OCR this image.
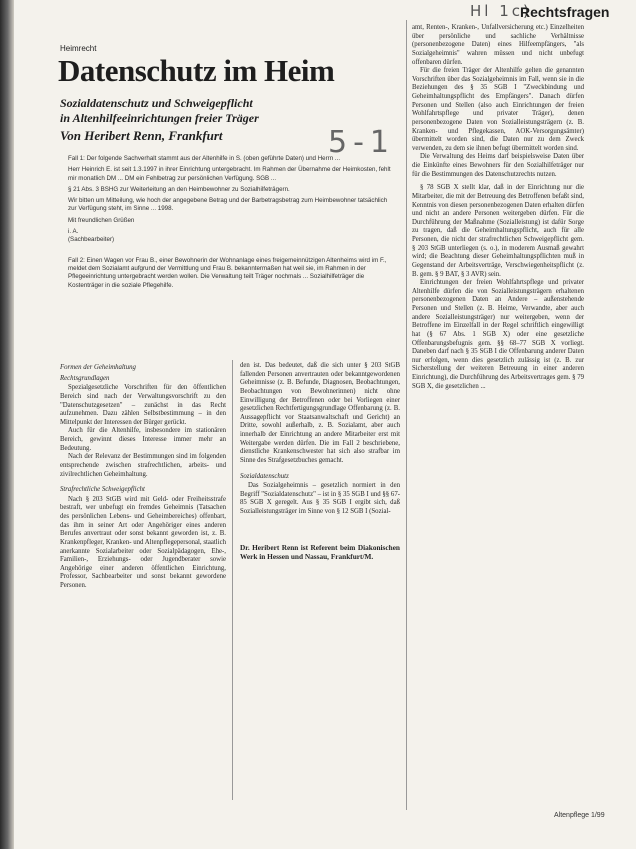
Hl 1c)
Rechtsfragen
Heimrecht
Datenschutz im Heim
Sozialdatenschutz und Schweigepflicht
in Altenhilfeeinrichtungen freier Träger
Von Heribert Renn, Frankfurt	5-1

Fall 1: Der folgende Sachverhalt stammt aus der Altenhilfe in S. (oben geführte Daten) und Herrn ...

Herr Heinrich E. ist seit 1.3.1997 in ihrer Einrichtung untergebracht. Im Rahmen der Übernahme der Heimkosten, fehlt mir monatlich DM ... DM ein Fehlbetrag zur persönlichen Verfügung. SGB ...

§ 21 Abs. 3 BSHG zur Weiterleitung an den Heimbewohner zu Sozialhilfeträgern.

Wir bitten um Mitteilung, wie hoch der angegebene Betrag und der Barbetragsbetrag zum Heimbewohner tatsächlich zur Verfügung steht, im Sinne ... 1998.

Mit freundlichen Grüßen

i. A.

(Sachbearbeiter)

Fall 2: Einen Wagen vor Frau B., einer Bewohnerin der Wohnanlage eines freigemeinnützigen Altenheims wird im F., meldet dem Sozialamt aufgrund der Vermittlung und Frau B. bekanntermaßen hat weil sie, im Rahmen in der Pflegeeinrichtung untergebracht werden wollen. Die Verwaltung teilt Träger nochmals ... Sozialhilfeträger die Kostenträger in die soziale Pflegehilfe.

Formen der Geheimhaltung
Rechtsgrundlagen

Spezialgesetzliche Vorschriften für den öffentlichen Bereich sind nach der Verwaltungsvorschrift zu den "Datenschutzgesetzen" – zunächst in das Recht aufzunehmen. Dazu zählen Selbstbestimmung – in den Mittelpunkt der Interessen der Bürger gerückt.

Auch für die Altenhilfe, insbesondere im stationären Bereich, gewinnt dieses Interesse immer mehr an Bedeutung.

Nach der Relevanz der Bestimmungen sind im folgenden entsprechende zwischen strafrechtlichen, arbeits- und zivilrechtlichen Geheimhaltung.

Strafrechtliche Schweigepflicht

Nach § 203 StGB wird mit Geld- oder Freiheitsstrafe bestraft, wer unbefugt ein fremdes Geheimnis (Tatsachen des persönlichen Lebens- und Geheimbereiches) offenbart, das ihm in seiner Art oder Angehöriger eines anderen Berufes anvertraut oder sonst bekannt geworden ist, z. B. Krankenpfleger, Kranken- und Altenpflegepersonal, staatlich anerkannte Sozialarbeiter oder Sozialpädagogen, Ehe-, Familien-, Erziehungs- oder Jugendberater sowie Angehörige einer anderen öffentlichen Einrichtung, Professor, Sachbearbeiter und sonst bekannt gewordene Personen.

den ist. Das bedeutet, daß die sich unter § 203 StGB fallenden Personen anvertrauten oder bekanntgewordenen Geheimnisse (z. B. Befunde, Diagnosen, Beobachtungen, Beobachtungen von Bewohnerinnen) nicht ohne Einwilligung der Betroffenen oder bei Vorliegen einer gesetzlichen Rechtfertigungsgrundlage Offenbarung (z. B. Aussagepflicht vor Staatsanwaltschaft und Gericht) an Dritte, sowohl außerhalb, z. B. Sozialamt, aber auch innerhalb der Einrichtung an andere Mitarbeiter erst mit Weitergabe werden dürfen. Die im Fall 2 beschriebene, dienstliche Krankenschwester hat sich also strafbar im Sinne des Strafgesetzbuches gemacht.

Sozialdatenschutz

Das Sozialgeheimnis – gesetzlich normiert in den Begriff "Sozialdatenschutz" – ist in § 35 SGB I und §§ 67-85 SGB X geregelt. Aus § 35 SGB I ergibt sich, daß Sozialleistungsträger im Sinne von § 12 SGB I (Sozial-

Dr. Heribert Renn ist Referent beim Diakonischen Werk in Hessen und Nassau, Frankfurt/M.

amt, Renten-, Kranken-, Unfallversicherung etc.) Einzelheiten über persönliche und sachliche Verhältnisse (personenbezogene Daten) eines Hilfeempfängers, "als Sozialgeheimnis" wahren müssen und nicht unbefugt offenbaren dürfen.

Für die freien Träger der Altenhilfe gelten die genannten Vorschriften über das Sozialgeheimnis im Fall, wenn sie in die Beziehungen des § 35 SGB I "Zweckbindung und Geheimhaltungspflicht des Empfängers". Danach dürfen Personen und Stellen (also auch Einrichtungen der freien Wohlfahrtspflege und privater Träger), denen personenbezogene Daten von Sozialleistungsträgern (z. B. Kranken- und Pflegekassen, AOK-Versorgungsämter) übermittelt worden sind, die Daten nur zu dem Zweck verwenden, zu dem sie ihnen befugt übermittelt worden sind.

Die Verwaltung des Heims darf beispielsweise Daten über die Einkünfte eines Bewohners für den Sozialhilfeträger nur für die Bestimmungen des Datenschutzrechts nutzen.

§ 78 SGB X stellt klar, daß in der Einrichtung nur die Mitarbeiter, die mit der Betreuung des Betroffenen befaßt sind, Kenntnis von diesen personenbezogenen Daten erhalten dürfen und nicht an andere Personen weitergeben dürfen. Für die Durchführung der Maßnahme (Sozialleistung) ist dafür Sorge zu tragen, daß die Geheimhaltungspflicht, auch für alle Personen, die nicht der strafrechtlichen Schweigepflicht gem. § 203 StGB unterliegen (s. o.), in moderem Ausmaß gewahrt wird; die Beachtung dieser Geheimhaltungspflichten muß in Gegenstand der Arbeitsverträge, Verschwiegenheitspflicht (z. B. gem. § 9 BAT, § 3 AVR) sein.

Einrichtungen der freien Wohlfahrtspflege und privater Altenhilfe dürfen die von Sozialleistungsträgern erhaltenen personenbezogenen Daten an Andere – außenstehende Personen und Stellen (z. B. Heime, Verwandte, aber auch andere Sozialleistungsträger) nur weitergeben, wenn der Betroffene im Einzelfall in der Regel schriftlich eingewilligt hat (§ 67 Abs. 1 SGB X) oder eine gesetzliche Offenbarungsbefugnis gem. §§ 68–77 SGB X vorliegt. Daneben darf nach § 35 SGB I die Offenbarung anderer Daten nur erfolgen, wenn dies gesetzlich zulässig ist (z. B. zur Sicherstellung der weiteren Betreuung in einer anderen Einrichtung), die Durchführung des Arbeitsvertrages gem. § 79 SGB X, die gesetzlichen ...

Altenpflege 1/99
